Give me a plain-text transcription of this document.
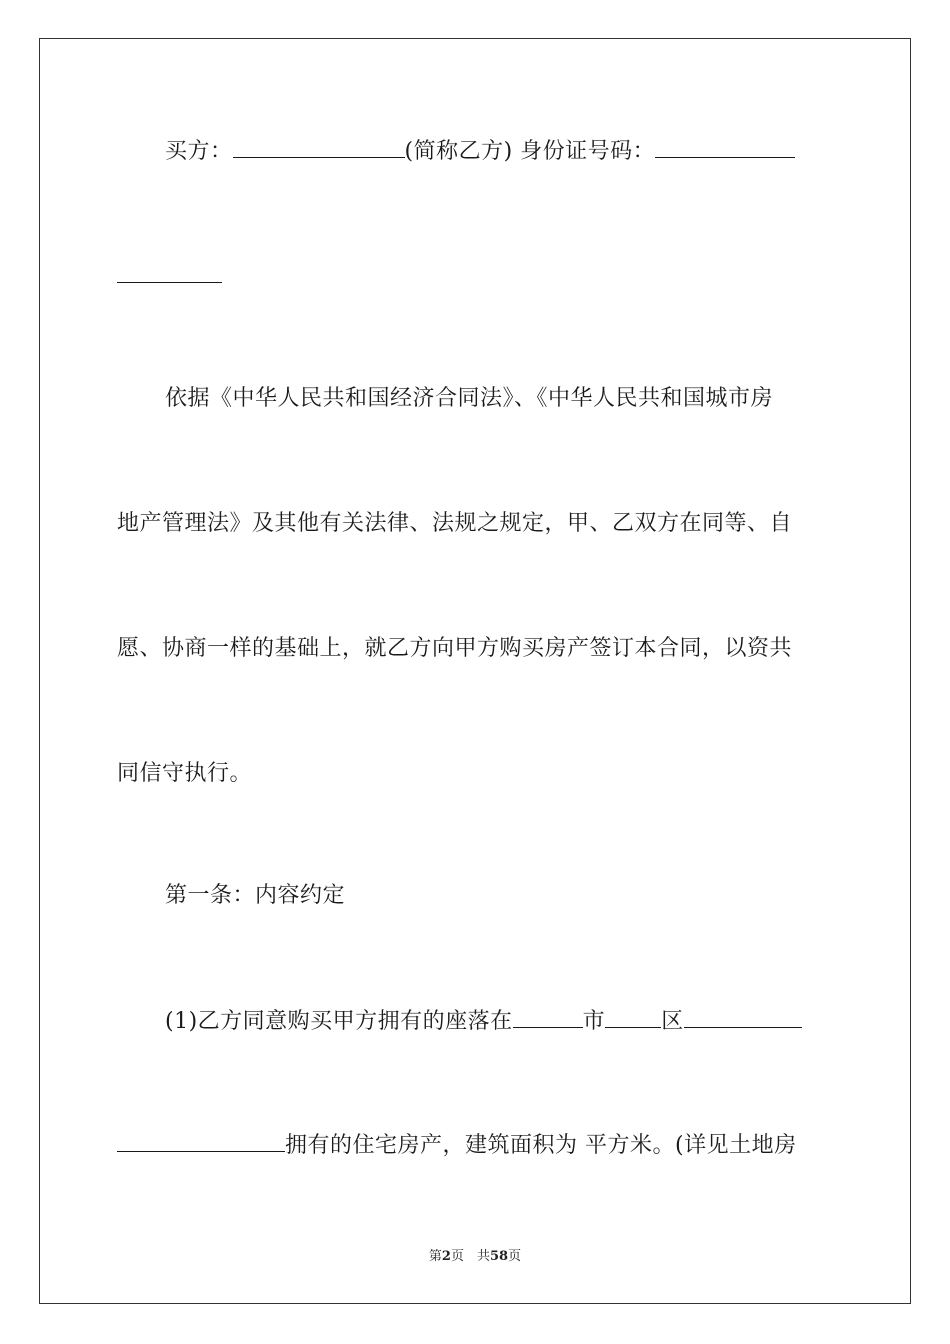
买方：	(简称乙方) 身份证号码：
依据《中华人民共和国经济合同法》、《中华人民共和国城市房
地产管理法》及其他有关法律、法规之规定，甲、乙双方在同等、自
愿、协商一样的基础上，就乙方向甲方购买房产签订本合同，以资共
同信守执行。
第一条：内容约定
(1)乙方同意购买甲方拥有的座落在	市	区
拥有的住宅房产，建筑面积为 平方米。(详见土地房
第2页　共58页
